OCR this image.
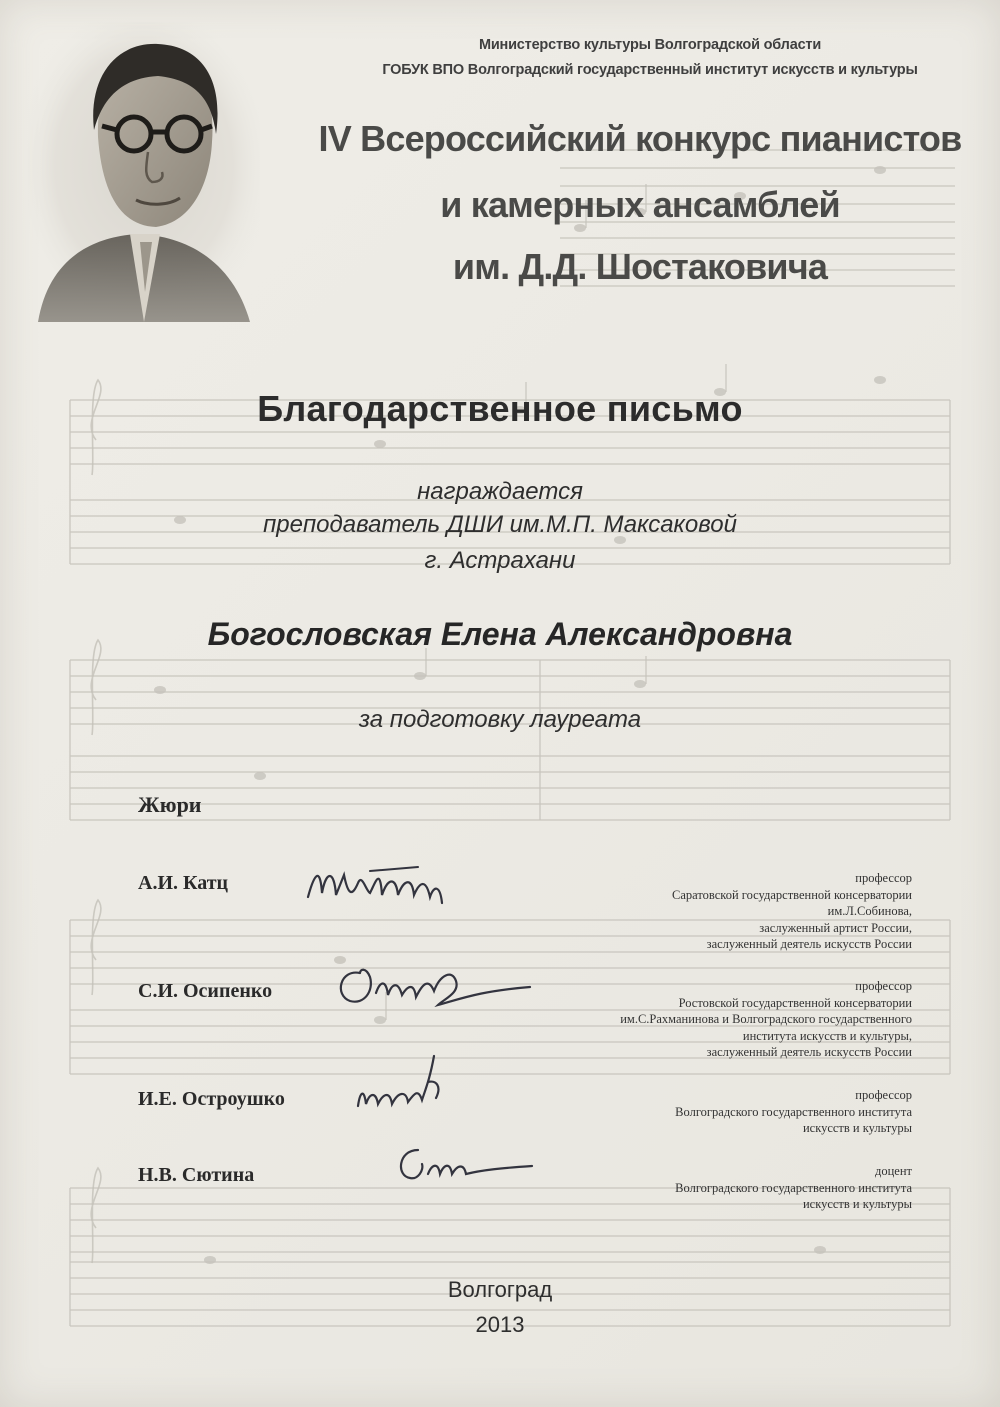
Министерство культуры Волгоградской области
ГОБУК ВПО Волгоградский государственный институт искусств и культуры
IV Всероссийский конкурс пианистов
и камерных ансамблей
им. Д.Д. Шостаковича
Благодарственное письмо
награждается
преподаватель ДШИ им.М.П. Максаковой
г. Астрахани
Богословская Елена Александровна
за подготовку лауреата
Жюри
А.И. Катц	профессор
Саратовской государственной консерватории
им.Л.Собинова,
заслуженный артист России,
заслуженный деятель искусств России
С.И. Осипенко	профессор
Ростовской государственной консерватории
им.С.Рахманинова и Волгоградского государственного
института искусств и культуры,
заслуженный деятель искусств России
И.Е. Остроушко	профессор
Волгоградского государственного института
искусств и культуры
Н.В. Сютина	доцент
Волгоградского государственного института
искусств и культуры
Волгоград
2013
